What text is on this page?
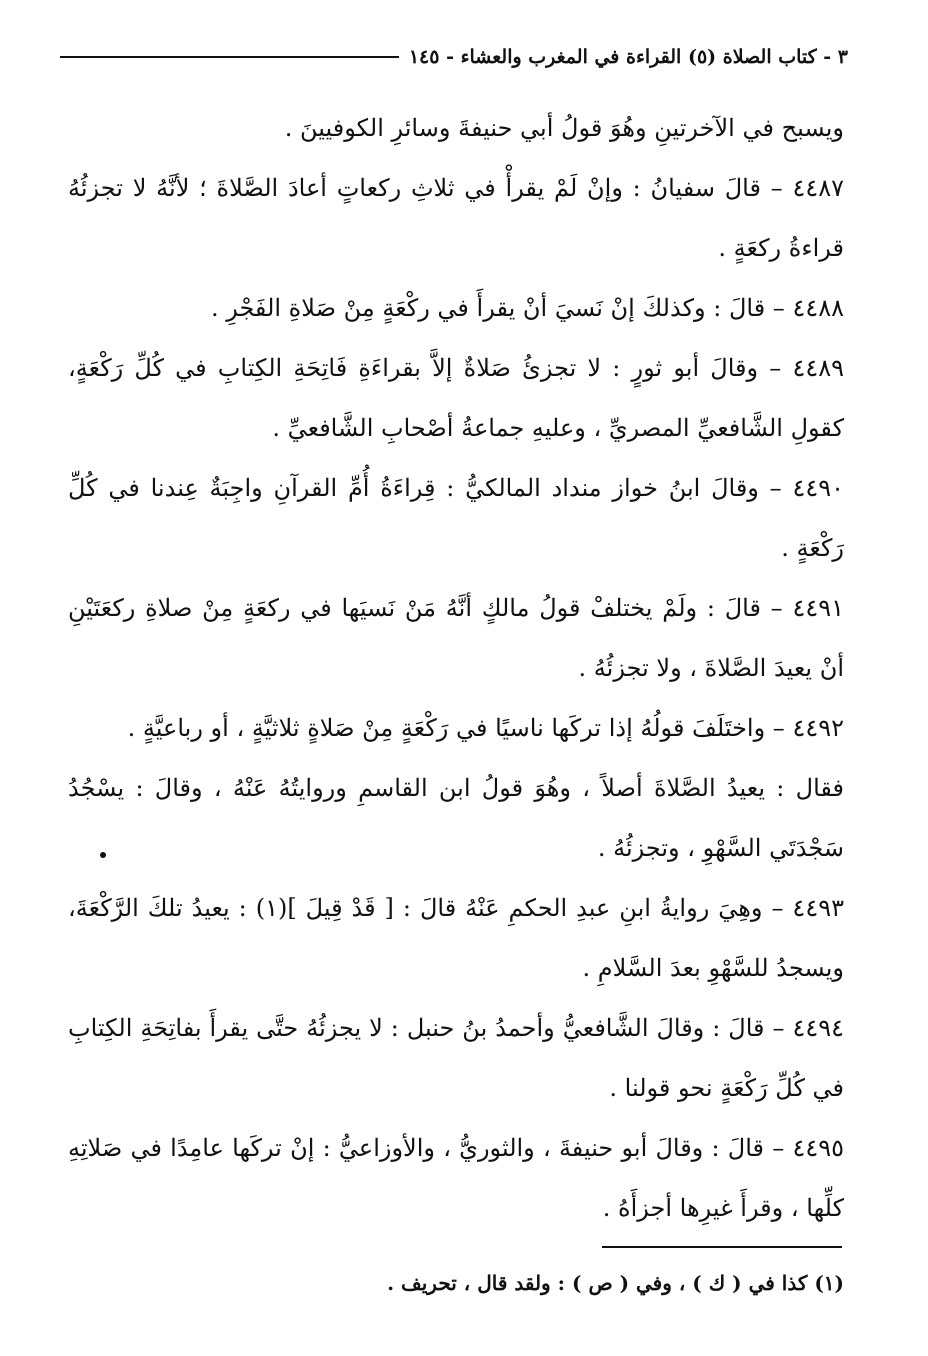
٣ - كتاب الصلاة (٥) القراءة في المغرب والعشاء - ١٤٥

ويسبح في الآخرتينِ وهُوَ قولُ أبي حنيفةَ وسائرِ الكوفيينَ .

٤٤٨٧ – قالَ سفيانُ : وإنْ لَمْ يقرأْ في ثلاثِ ركعاتٍ أعادَ الصَّلاةَ ؛ لأنَّهُ لا تجزئُهُ قراءةُ ركعَةٍ .

٤٤٨٨ – قالَ : وكذلكَ إنْ نَسيَ أنْ يقرأَ في ركْعَةٍ مِنْ صَلاةِ الفَجْرِ .

٤٤٨٩ – وقالَ أبو ثورٍ : لا تجزئُ صَلاةٌ إلاَّ بقراءَةِ فَاتِحَةِ الكِتابِ في كُلِّ رَكْعَةٍ، كقولِ الشَّافعيِّ المصريِّ ، وعليهِ جماعةُ أصْحابِ الشَّافعيِّ .

٤٤٩٠ – وقالَ ابنُ خواز منداد المالكيُّ : قِراءَةُ أُمِّ القرآنِ واجِبَةٌ عِندنا في كُلِّ رَكْعَةٍ .

٤٤٩١ – قالَ : ولَمْ يختلفْ قولُ مالكٍ أنَّهُ مَنْ نَسيَها في ركعَةٍ مِنْ صلاةِ ركعَتَيْنِ أنْ يعيدَ الصَّلاةَ ، ولا تجزئُهُ .

٤٤٩٢ – واختَلَفَ قولُهُ إذا تركَها ناسيًا في رَكْعَةٍ مِنْ صَلاةٍ ثلاثيَّةٍ ، أو رباعيَّةٍ .

فقال : يعيدُ الصَّلاةَ أصلاً ، وهُوَ قولُ ابن القاسمِ وروايتُهُ عَنْهُ ، وقالَ : يسْجُدُ سَجْدَتَي السَّهْوِ ، وتجزئُهُ .

٤٤٩٣ – وهِيَ روايةُ ابنِ عبدِ الحكمِ عَنْهُ قالَ : [ قَدْ قِيلَ ](١) : يعيدُ تلكَ الرَّكْعَةَ، ويسجدُ للسَّهْوِ بعدَ السَّلامِ .

٤٤٩٤ – قالَ : وقالَ الشَّافعيُّ وأحمدُ بنُ حنبل : لا يجزئُهُ حتَّى يقرأَ بفاتِحَةِ الكِتابِ في كُلِّ رَكْعَةٍ نحو قولنا .

٤٤٩٥ – قالَ : وقالَ أبو حنيفةَ ، والثوريُّ ، والأوزاعيُّ : إنْ تركَها عامِدًا في صَلاتِهِ كلِّها ، وقرأَ غيرِها أجزأَهُ .

(١) كذا في ( ك ) ، وفي ( ص ) : ولقد قال ، تحريف .
